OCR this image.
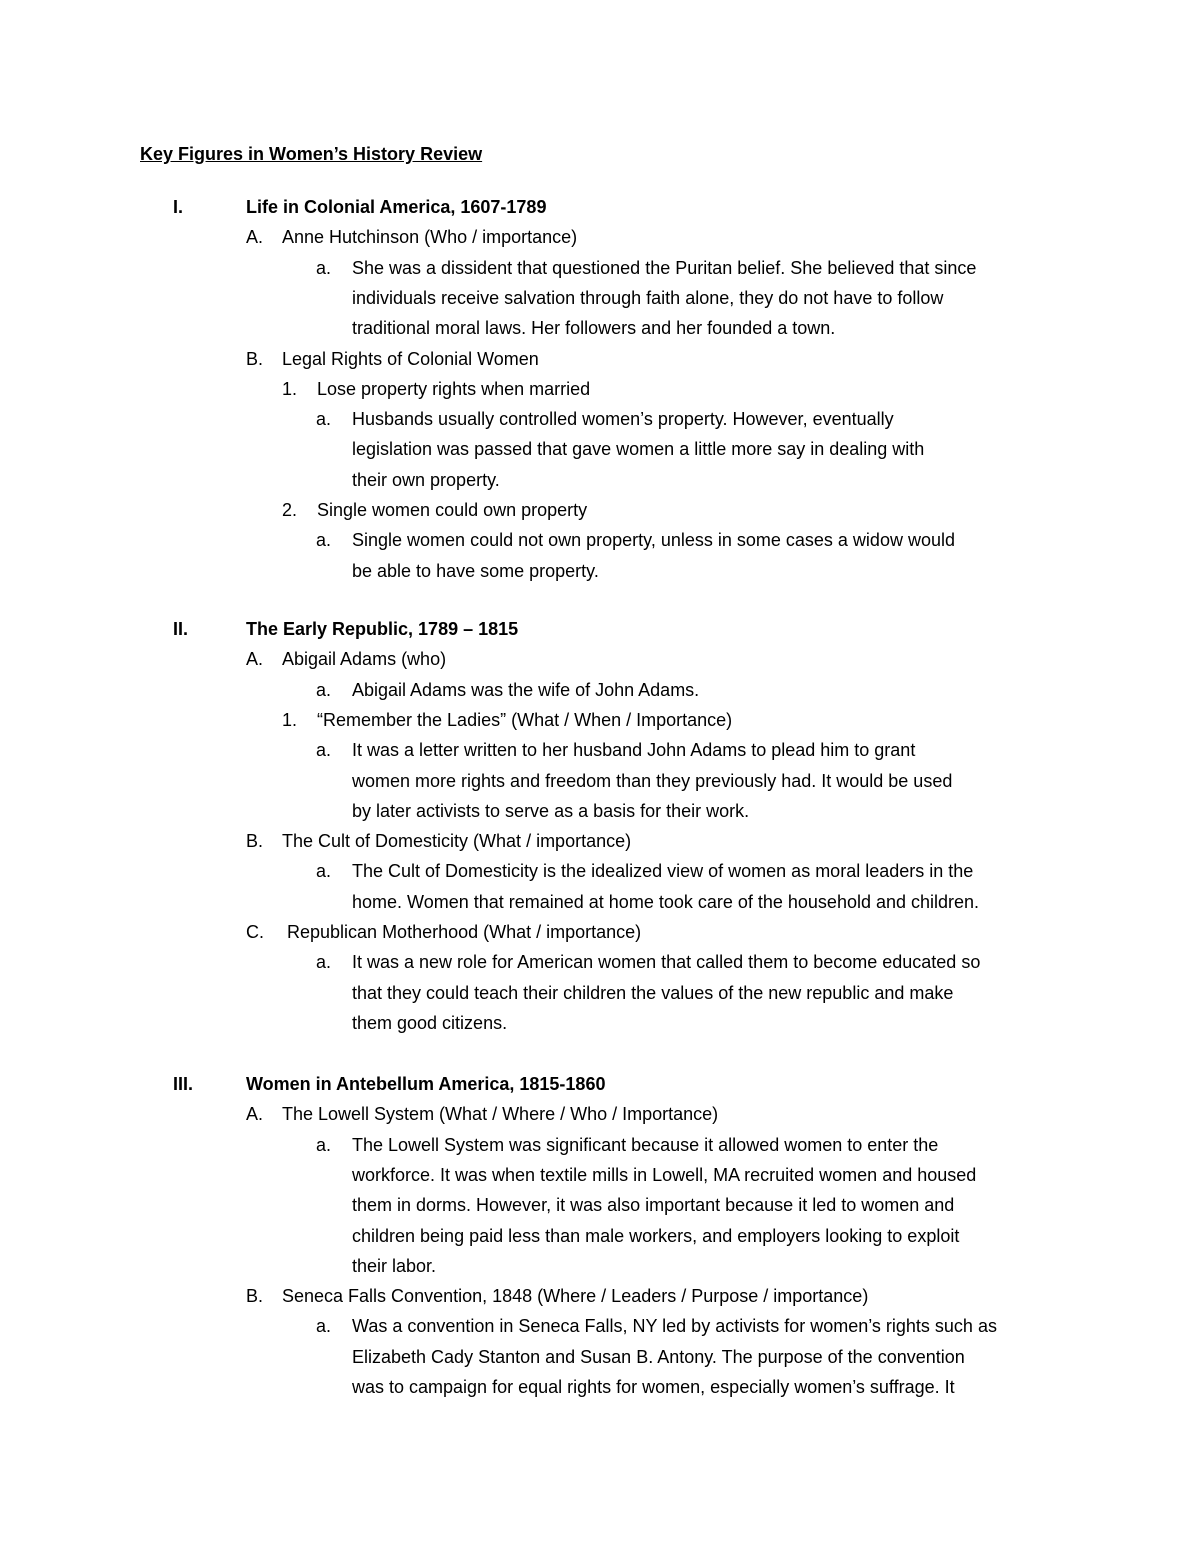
Key Figures in Women’s History Review
I.	Life in Colonial America, 1607-1789
A. Anne Hutchinson (Who / importance)
a. She was a dissident that questioned the Puritan belief. She believed that since
individuals receive salvation through faith alone, they do not have to follow
traditional moral laws. Her followers and her founded a town.
B. Legal Rights of Colonial Women
1. Lose property rights when married
a. Husbands usually controlled women’s property. However, eventually
legislation was passed that gave women a little more say in dealing with
their own property.
2. Single women could own property
a. Single women could not own property, unless in some cases a widow would
be able to have some property.
II.	The Early Republic, 1789 – 1815
A. Abigail Adams (who)
a. Abigail Adams was the wife of John Adams.
1. “Remember the Ladies” (What / When / Importance)
a. It was a letter written to her husband John Adams to plead him to grant
women more rights and freedom than they previously had. It would be used
by later activists to serve as a basis for their work.
B. The Cult of Domesticity (What / importance)
a. The Cult of Domesticity is the idealized view of women as moral leaders in the
home. Women that remained at home took care of the household and children.
C. Republican Motherhood (What / importance)
a. It was a new role for American women that called them to become educated so
that they could teach their children the values of the new republic and make
them good citizens.
III.	Women in Antebellum America, 1815-1860
A. The Lowell System (What / Where / Who / Importance)
a. The Lowell System was significant because it allowed women to enter the
workforce. It was when textile mills in Lowell, MA recruited women and housed
them in dorms. However, it was also important because it led to women and
children being paid less than male workers, and employers looking to exploit
their labor.
B. Seneca Falls Convention, 1848 (Where / Leaders / Purpose / importance)
a. Was a convention in Seneca Falls, NY led by activists for women’s rights such as
Elizabeth Cady Stanton and Susan B. Antony. The purpose of the convention
was to campaign for equal rights for women, especially women’s suffrage. It
